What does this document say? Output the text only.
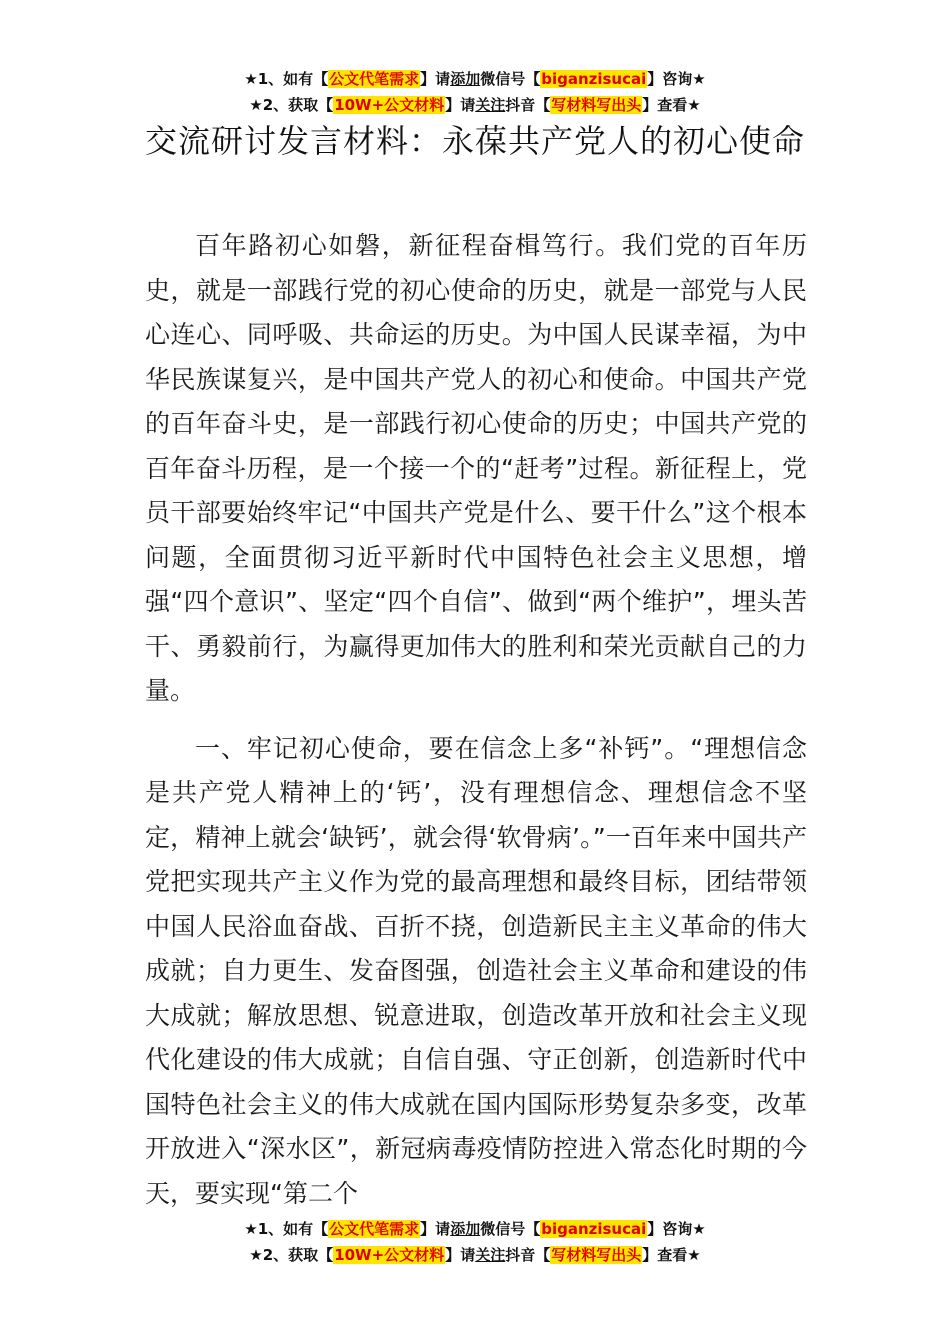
★1、如有【公文代笔需求】请添加微信号【biganzisucai】咨询★
★2、获取【10W+公文材料】请关注抖音【写材料写出头】查看★
交流研讨发言材料：永葆共产党人的初心使命

百年路初心如磐，新征程奋楫笃行。我们党的百年历史，就是一部践行党的初心使命的历史，就是一部党与人民心连心、同呼吸、共命运的历史。为中国人民谋幸福，为中华民族谋复兴，是中国共产党人的初心和使命。中国共产党的百年奋斗史，是一部践行初心使命的历史；中国共产党的百年奋斗历程，是一个接一个的“赶考”过程。新征程上，党员干部要始终牢记“中国共产党是什么、要干什么”这个根本问题，全面贯彻习近平新时代中国特色社会主义思想，增强“四个意识”、坚定“四个自信”、做到“两个维护”，埋头苦干、勇毅前行，为赢得更加伟大的胜利和荣光贡献自己的力量。

一、牢记初心使命，要在信念上多“补钙”。“理想信念是共产党人精神上的‘钙’，没有理想信念、理想信念不坚定，精神上就会‘缺钙’，就会得‘软骨病’。”一百年来中国共产党把实现共产主义作为党的最高理想和最终目标，团结带领中国人民浴血奋战、百折不挠，创造新民主主义革命的伟大成就；自力更生、发奋图强，创造社会主义革命和建设的伟大成就；解放思想、锐意进取，创造改革开放和社会主义现代化建设的伟大成就；自信自强、守正创新，创造新时代中国特色社会主义的伟大成就在国内国际形势复杂多变，改革开放进入“深水区”，新冠病毒疫情防控进入常态化时期的今天，要实现“第二个

★1、如有【公文代笔需求】请添加微信号【biganzisucai】咨询★
★2、获取【10W+公文材料】请关注抖音【写材料写出头】查看★
